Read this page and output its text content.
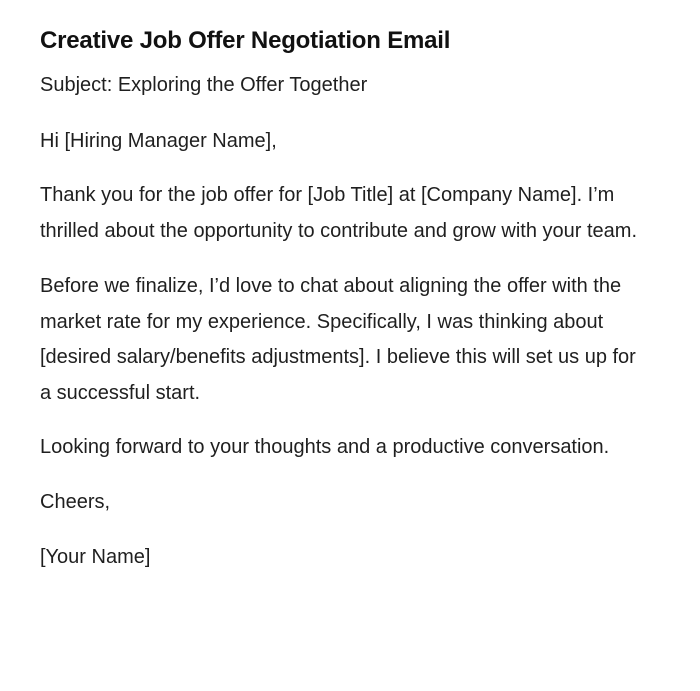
Creative Job Offer Negotiation Email

Subject: Exploring the Offer Together

Hi [Hiring Manager Name],

Thank you for the job offer for [Job Title] at [Company Name]. I’m thrilled about the opportunity to contribute and grow with your team.

Before we finalize, I’d love to chat about aligning the offer with the market rate for my experience. Specifically, I was thinking about [desired salary/benefits adjustments]. I believe this will set us up for a successful start.

Looking forward to your thoughts and a productive conversation.

Cheers,

[Your Name]
